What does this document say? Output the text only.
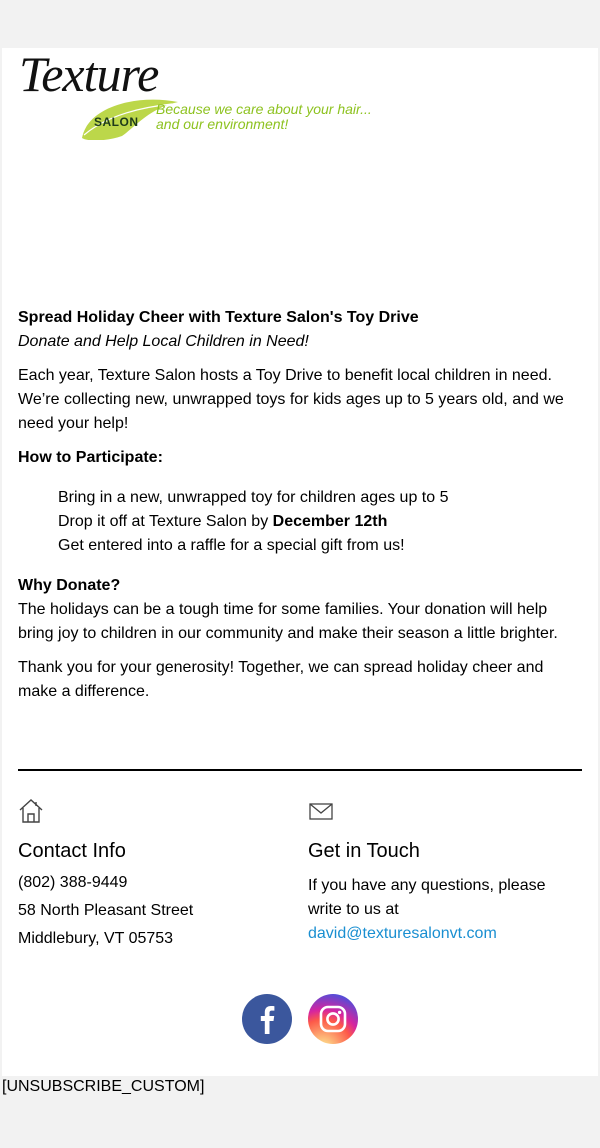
Texture
SALON
Because we care about your hair...
and our environment!

Spread Holiday Cheer with Texture Salon's Toy Drive

Donate and Help Local Children in Need!

Each year, Texture Salon hosts a Toy Drive to benefit local children in need. We’re collecting new, unwrapped toys for kids ages up to 5 years old, and we need your help!

How to Participate:

Bring in a new, unwrapped toy for children ages up to 5
Drop it off at Texture Salon by December 12th
Get entered into a raffle for a special gift from us!

Why Donate?

The holidays can be a tough time for some families. Your donation will help bring joy to children in our community and make their season a little brighter.

Thank you for your generosity! Together, we can spread holiday cheer and make a difference.

Contact Info

(802) 388-9449

58 North Pleasant Street

Middlebury, VT 05753

Get in Touch

If you have any questions, please write to us at
david@texturesalonvt.com

[UNSUBSCRIBE_CUSTOM]
